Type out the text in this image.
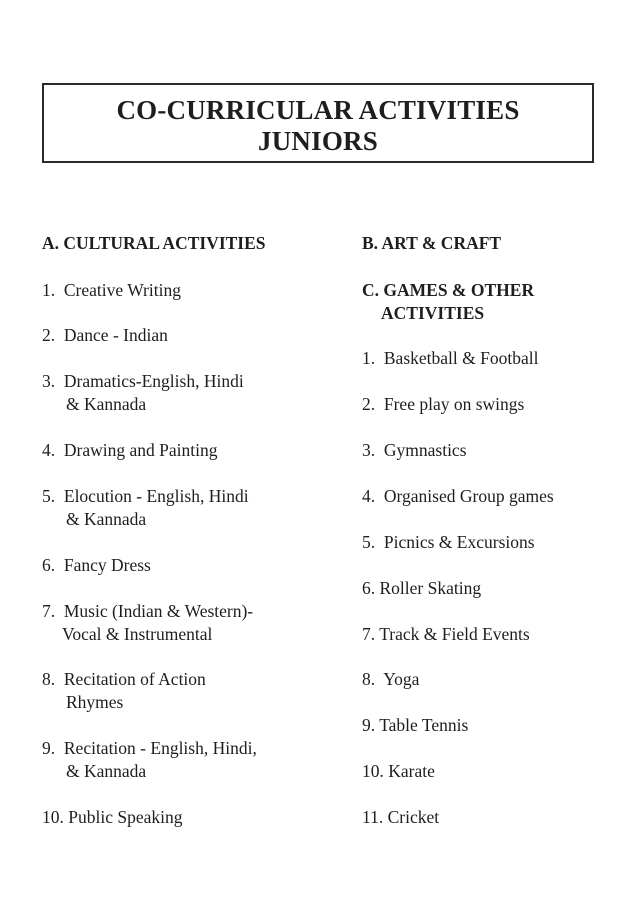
CO-CURRICULAR ACTIVITIES
JUNIORS
A. CULTURAL ACTIVITIES
1. Creative Writing
2. Dance - Indian
3. Dramatics-English, Hindi
& Kannada
4. Drawing and Painting
5. Elocution - English, Hindi
& Kannada
6. Fancy Dress
7. Music (Indian & Western)-
Vocal & Instrumental
8. Recitation of Action
Rhymes
9. Recitation - English, Hindi,
& Kannada
10. Public Speaking
B. ART & CRAFT
C. GAMES & OTHER
ACTIVITIES
1. Basketball & Football
2. Free play on swings
3. Gymnastics
4. Organised Group games
5. Picnics & Excursions
6. Roller Skating
7. Track & Field Events
8. Yoga
9. Table Tennis
10. Karate
11. Cricket
